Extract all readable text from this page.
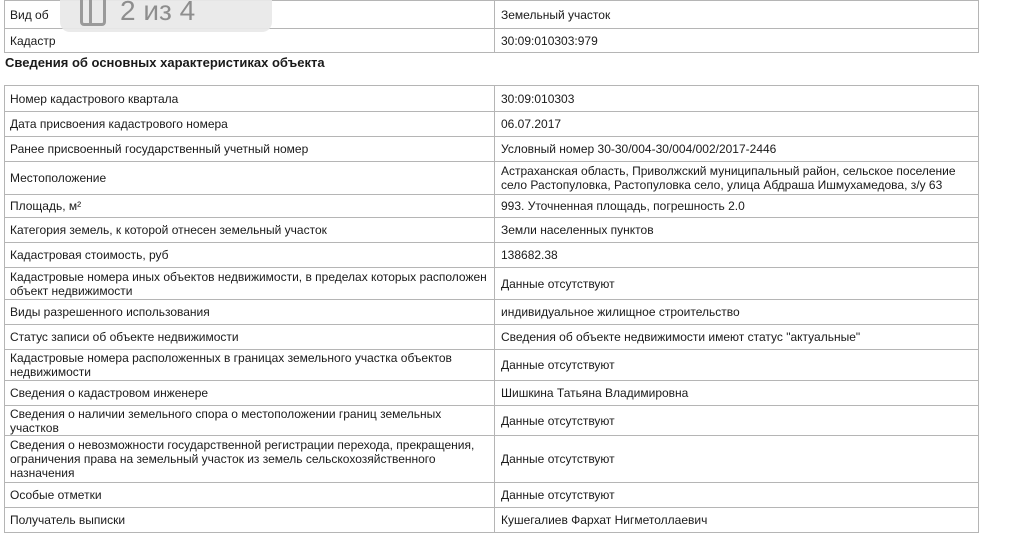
Вид об	Земельный участок
Кадастр	30:09:010303:979
Сведения об основных характеристиках объекта
Номер кадастрового квартала	30:09:010303
Дата присвоения кадастрового номера	06.07.2017
Ранее присвоенный государственный учетный номер	Условный номер 30-30/004-30/004/002/2017-2446
Местоположение	Астраханская область, Приволжский муниципальный район, сельское поселение село Растопуловка, Растопуловка село, улица Абдраша Ишмухамедова, з/у 63
Площадь, м²	993. Уточненная площадь, погрешность 2.0
Категория земель, к которой отнесен земельный участок	Земли населенных пунктов
Кадастровая стоимость, руб	138682.38
Кадастровые номера иных объектов недвижимости, в пределах которых расположен объект недвижимости	Данные отсутствуют
Виды разрешенного использования	индивидуальное жилищное строительство
Статус записи об объекте недвижимости	Сведения об объекте недвижимости имеют статус "актуальные"
Кадастровые номера расположенных в границах земельного участка объектов недвижимости	Данные отсутствуют
Сведения о кадастровом инженере	Шишкина Татьяна Владимировна
Сведения о наличии земельного спора о местоположении границ земельных участков	Данные отсутствуют
Сведения о невозможности государственной регистрации перехода, прекращения, ограничения права на земельный участок из земель сельскохозяйственного назначения	Данные отсутствуют
Особые отметки	Данные отсутствуют
Получатель выписки	Кушегалиев Фархат Нигметоллаевич
2 из 4
